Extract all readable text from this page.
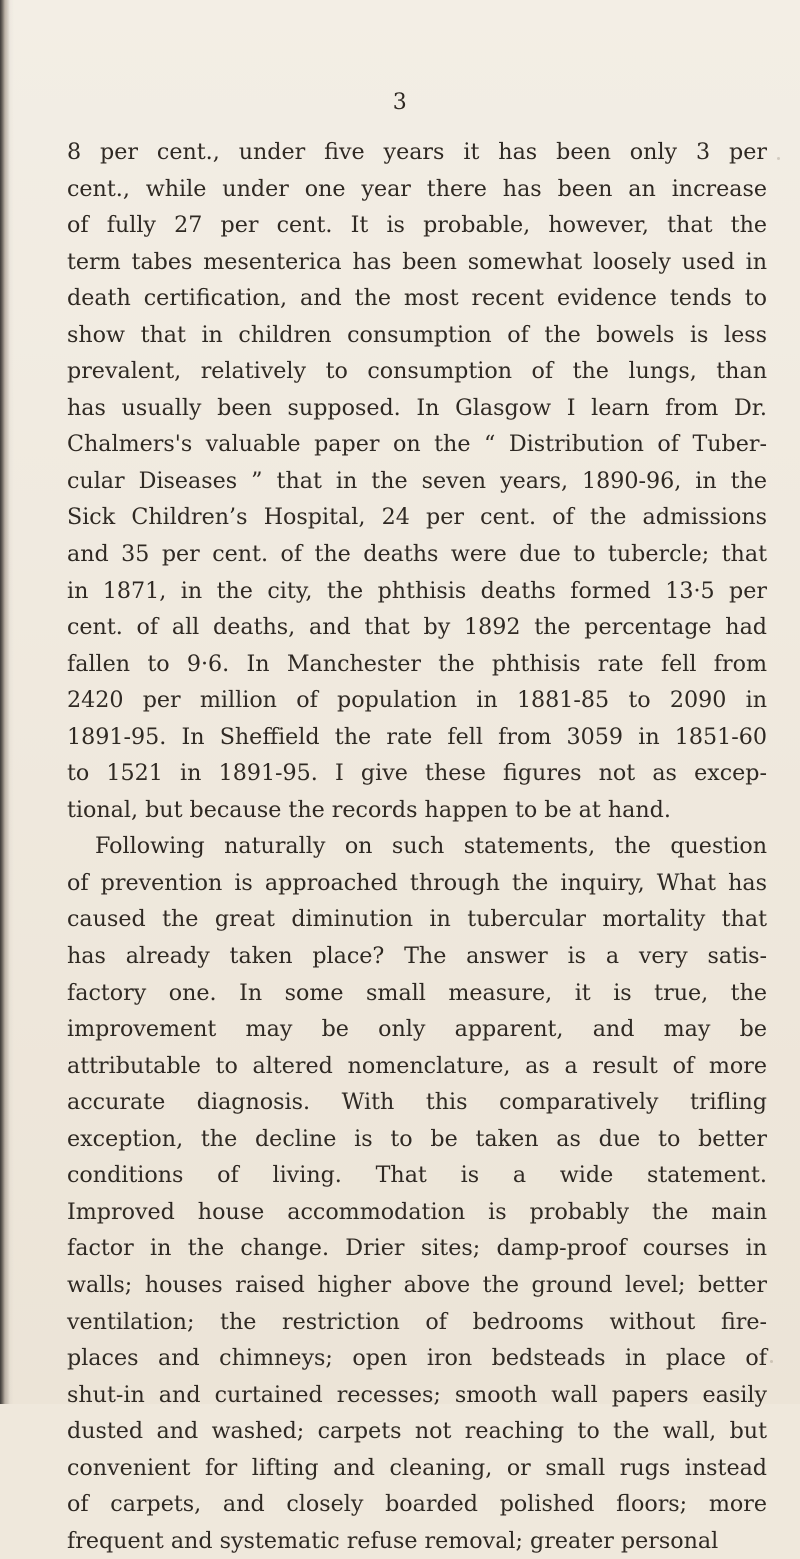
3
8 per cent., under five years it has been only 3 per
cent., while under one year there has been an increase
of fully 27 per cent. It is probable, however, that the
term tabes mesenterica has been somewhat loosely used in
death certification, and the most recent evidence tends to
show that in children consumption of the bowels is less
prevalent, relatively to consumption of the lungs, than
has usually been supposed. In Glasgow I learn from Dr.
Chalmers's valuable paper on the “ Distribution of Tuber-
cular Diseases ” that in the seven years, 1890-96, in the
Sick Children’s Hospital, 24 per cent. of the admissions
and 35 per cent. of the deaths were due to tubercle; that
in 1871, in the city, the phthisis deaths formed 13·5 per
cent. of all deaths, and that by 1892 the percentage had
fallen to 9·6. In Manchester the phthisis rate fell from
2420 per million of population in 1881-85 to 2090 in
1891-95. In Sheffield the rate fell from 3059 in 1851-60
to 1521 in 1891-95. I give these figures not as excep-
tional, but because the records happen to be at hand.
Following naturally on such statements, the question
of prevention is approached through the inquiry, What has
caused the great diminution in tubercular mortality that
has already taken place? The answer is a very satis-
factory one. In some small measure, it is true, the
improvement may be only apparent, and may be
attributable to altered nomenclature, as a result of more
accurate diagnosis. With this comparatively trifling
exception, the decline is to be taken as due to better
conditions of living. That is a wide statement.
Improved house accommodation is probably the main
factor in the change. Drier sites; damp-proof courses in
walls; houses raised higher above the ground level; better
ventilation; the restriction of bedrooms without fire-
places and chimneys; open iron bedsteads in place of
shut-in and curtained recesses; smooth wall papers easily
dusted and washed; carpets not reaching to the wall, but
convenient for lifting and cleaning, or small rugs instead
of carpets, and closely boarded polished floors; more
frequent and systematic refuse removal; greater personal
